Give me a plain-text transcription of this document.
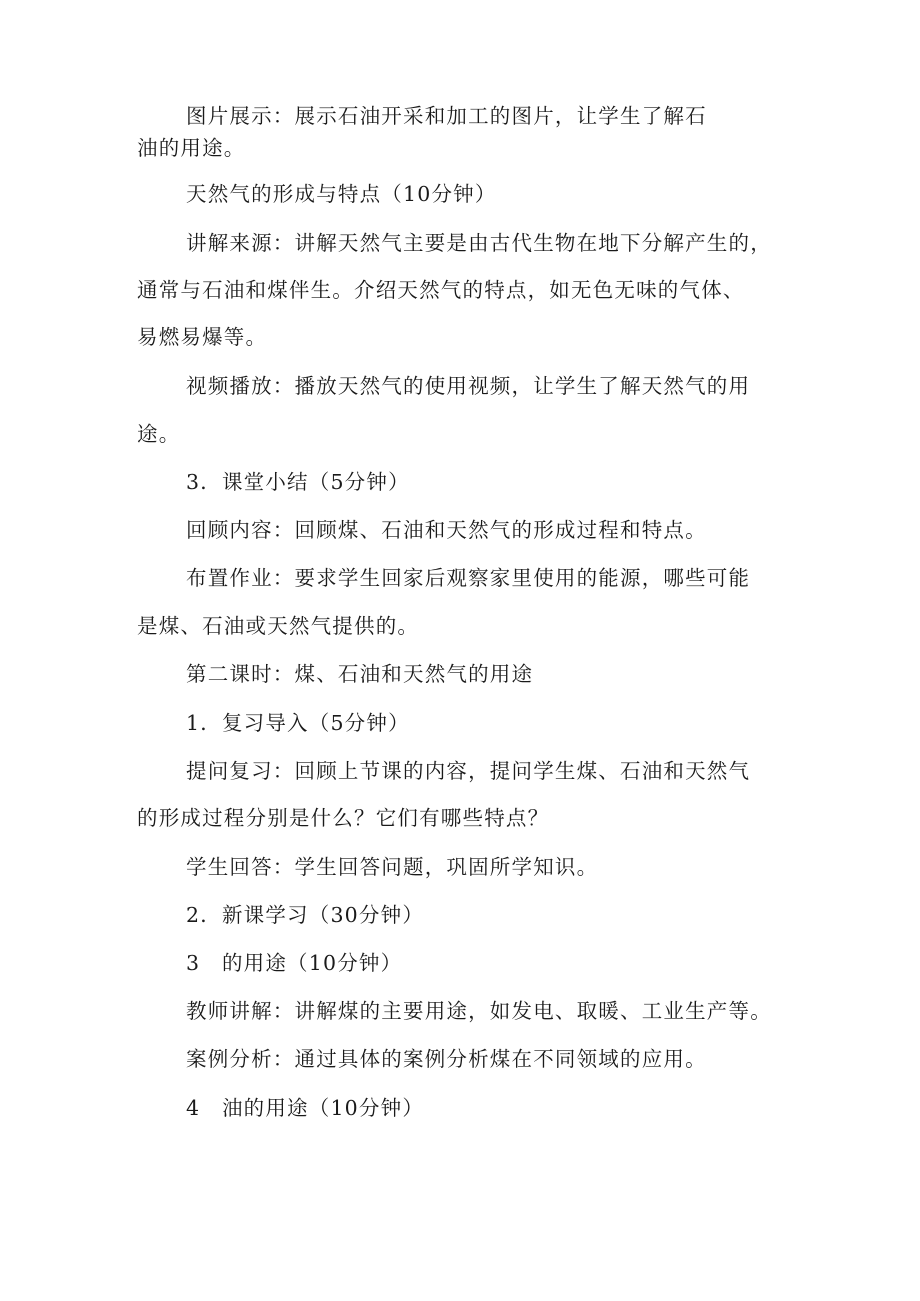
图片展示：展示石油开采和加工的图片，让学生了解石
油的用途。
天然气的形成与特点（10分钟）
讲解来源：讲解天然气主要是由古代生物在地下分解产生的，
通常与石油和煤伴生。介绍天然气的特点，如无色无味的气体、
易燃易爆等。
视频播放：播放天然气的使用视频，让学生了解天然气的用
途。
3．课堂小结（5分钟）
回顾内容：回顾煤、石油和天然气的形成过程和特点。
布置作业：要求学生回家后观察家里使用的能源，哪些可能
是煤、石油或天然气提供的。
第二课时：煤、石油和天然气的用途
1．复习导入（5分钟）
提问复习：回顾上节课的内容，提问学生煤、石油和天然气
的形成过程分别是什么？它们有哪些特点？
学生回答：学生回答问题，巩固所学知识。
2．新课学习（30分钟）
3　的用途（10分钟）
教师讲解：讲解煤的主要用途，如发电、取暖、工业生产等。
案例分析：通过具体的案例分析煤在不同领域的应用。
4　油的用途（10分钟）
